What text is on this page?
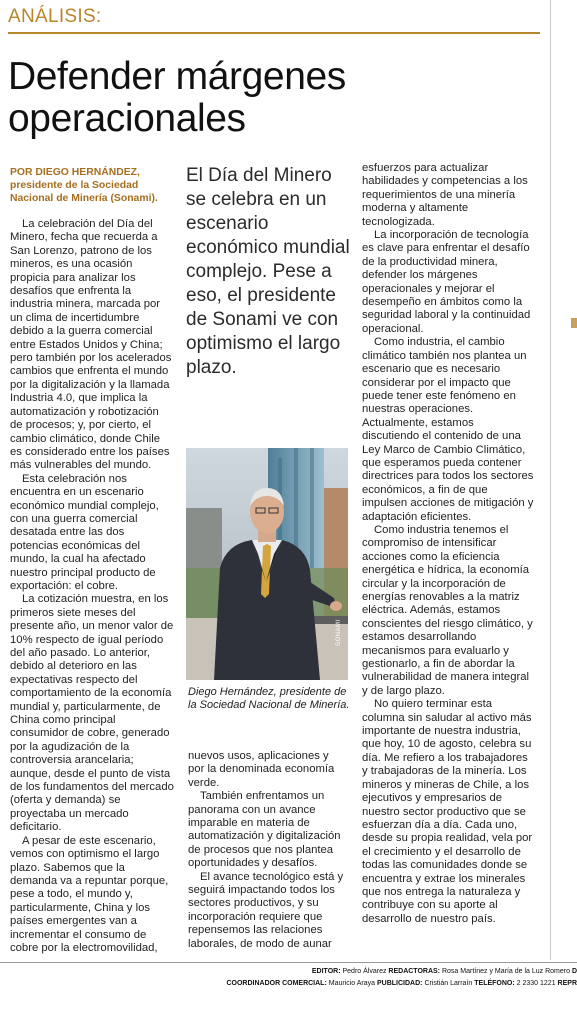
ANÁLISIS:
Defender márgenes operacionales
POR DIEGO HERNÁNDEZ,
presidente de la Sociedad Nacional de Minería (Sonami).

La celebración del Día del Minero, fecha que recuerda a San Lorenzo, patrono de los mineros, es una ocasión propicia para analizar los desafíos que enfrenta la industria minera, marcada por un clima de incertidumbre debido a la guerra comercial entre Estados Unidos y China; pero también por los acelerados cambios que enfrenta el mundo por la digitalización y la llamada Industria 4.0, que implica la automatización y robotización de procesos; y, por cierto, el cambio climático, donde Chile es considerado entre los países más vulnerables del mundo.

Esta celebración nos encuentra en un escenario económico mundial complejo, con una guerra comercial desatada entre las dos potencias económicas del mundo, la cual ha afectado nuestro principal producto de exportación: el cobre.

La cotización muestra, en los primeros siete meses del presente año, un menor valor de 10% respecto de igual período del año pasado. Lo anterior, debido al deterioro en las expectativas respecto del comportamiento de la economía mundial y, particularmente, de China como principal consumidor de cobre, generado por la agudización de la controversia arancelaria; aunque, desde el punto de vista de los fundamentos del mercado (oferta y demanda) se proyectaba un mercado deficitario.

A pesar de este escenario, vemos con optimismo el largo plazo. Sabemos que la demanda va a repuntar porque, pese a todo, el mundo y, particularmente, China y los países emergentes van a incrementar el consumo de cobre por la electromovilidad,

El Día del Minero se celebra en un escenario económico mundial complejo. Pese a eso, el presidente de Sonami ve con optimismo el largo plazo.
SONAMI
Diego Hernández, presidente de la Sociedad Nacional de Minería.

nuevos usos, aplicaciones y por la denominada economía verde.

También enfrentamos un panorama con un avance imparable en materia de automatización y digitalización de procesos que nos plantea oportunidades y desafíos.

El avance tecnológico está y seguirá impactando todos los sectores productivos, y su incorporación requiere que repensemos las relaciones laborales, de modo de aunar

esfuerzos para actualizar habilidades y competencias a los requerimientos de una minería moderna y altamente tecnologizada.

La incorporación de tecnología es clave para enfrentar el desafío de la productividad minera, defender los márgenes operacionales y mejorar el desempeño en ámbitos como la seguridad laboral y la continuidad operacional.

Como industria, el cambio climático también nos plantea un escenario que es necesario considerar por el impacto que puede tener este fenómeno en nuestras operaciones. Actualmente, estamos discutiendo el contenido de una Ley Marco de Cambio Climático, que esperamos pueda contener directrices para todos los sectores económicos, a fin de que impulsen acciones de mitigación y adaptación eficientes.

Como industria tenemos el compromiso de intensificar acciones como la eficiencia energética e hídrica, la economía circular y la incorporación de energías renovables a la matriz eléctrica. Además, estamos conscientes del riesgo climático, y estamos desarrollando mecanismos para evaluarlo y gestionarlo, a fin de abordar la vulnerabilidad de manera integral y de largo plazo.

No quiero terminar esta columna sin saludar al activo más importante de nuestra industria, que hoy, 10 de agosto, celebra su día. Me refiero a los trabajadores y trabajadoras de la minería. Los mineros y mineras de Chile, a los ejecutivos y empresarios de nuestro sector productivo que se esfuerzan día a día. Cada uno, desde su propia realidad, vela por el crecimiento y el desarrollo de todas las comunidades donde se encuentra y extrae los minerales que nos entrega la naturaleza y contribuye con su aporte al desarrollo de nuestro país.

EDITOR: Pedro Álvarez REDACTORAS: Rosa Martínez y María de la Luz Romero D
COORDINADOR COMERCIAL: Mauricio Araya PUBLICIDAD: Cristián Larraín TELÉFONO: 2 2330 1221 REPR
